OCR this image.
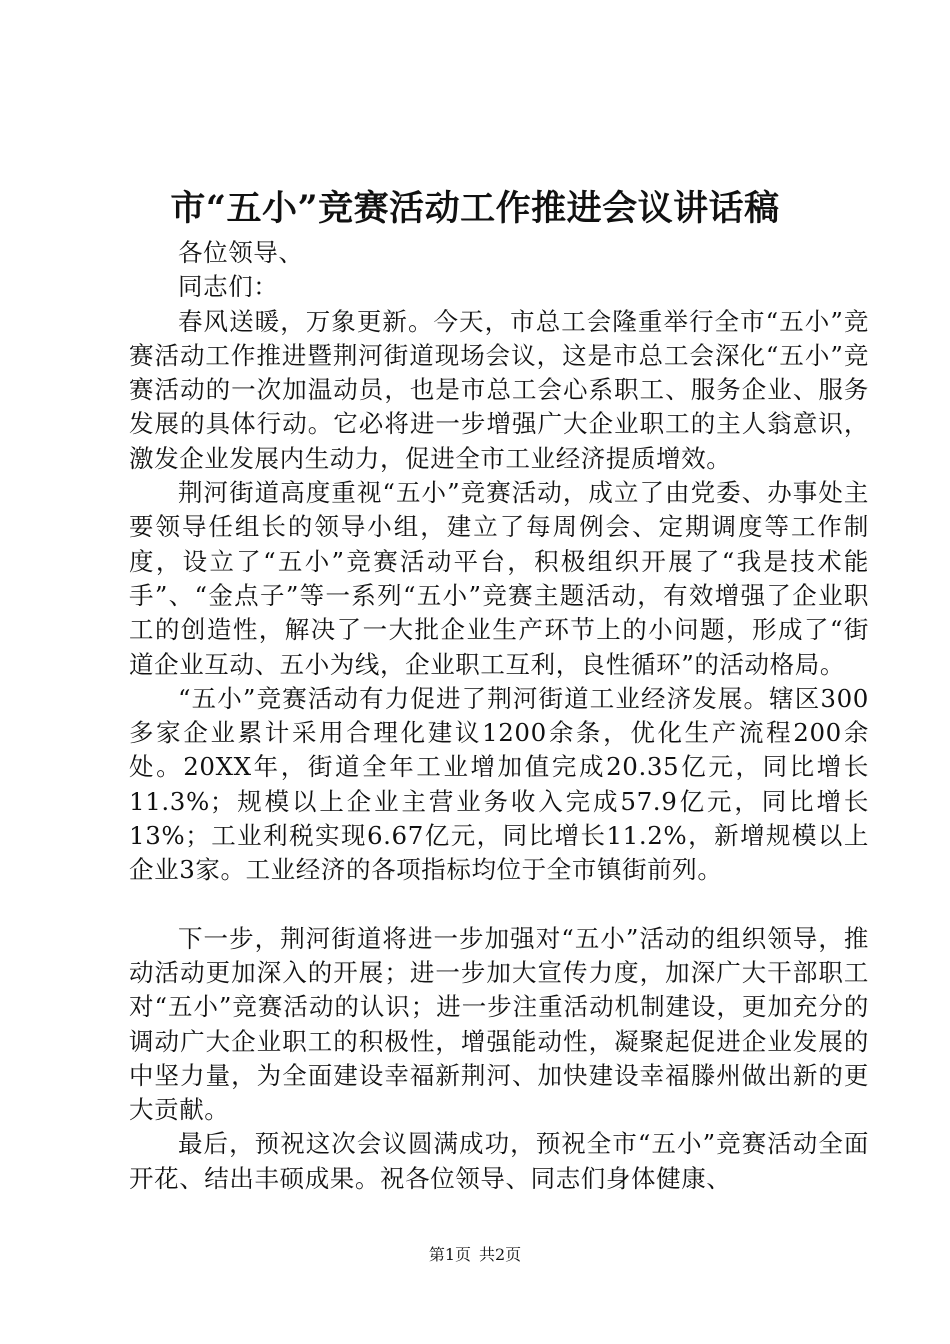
市“五小”竞赛活动工作推进会议讲话稿

各位领导、

同志们：

春风送暖，万象更新。今天，市总工会隆重举行全市“五小”竞赛活动工作推进暨荆河街道现场会议，这是市总工会深化“五小”竞赛活动的一次加温动员，也是市总工会心系职工、服务企业、服务发展的具体行动。它必将进一步增强广大企业职工的主人翁意识，激发企业发展内生动力，促进全市工业经济提质增效。

荆河街道高度重视“五小”竞赛活动，成立了由党委、办事处主要领导任组长的领导小组，建立了每周例会、定期调度等工作制度，设立了“五小”竞赛活动平台，积极组织开展了“我是技术能手”、“金点子”等一系列“五小”竞赛主题活动，有效增强了企业职工的创造性，解决了一大批企业生产环节上的小问题，形成了“街道企业互动、五小为线，企业职工互利，良性循环”的活动格局。

“五小”竞赛活动有力促进了荆河街道工业经济发展。辖区300多家企业累计采用合理化建议1200余条，优化生产流程200余处。20XX年，街道全年工业增加值完成20.35亿元，同比增长11.3%；规模以上企业主营业务收入完成57.9亿元，同比增长13%；工业利税实现6.67亿元，同比增长11.2%，新增规模以上企业3家。工业经济的各项指标均位于全市镇街前列。

下一步，荆河街道将进一步加强对“五小”活动的组织领导，推动活动更加深入的开展；进一步加大宣传力度，加深广大干部职工对“五小”竞赛活动的认识；进一步注重活动机制建设，更加充分的调动广大企业职工的积极性，增强能动性，凝聚起促进企业发展的中坚力量，为全面建设幸福新荆河、加快建设幸福滕州做出新的更大贡献。

最后，预祝这次会议圆满成功，预祝全市“五小”竞赛活动全面开花、结出丰硕成果。祝各位领导、同志们身体健康、

第1页 共2页
